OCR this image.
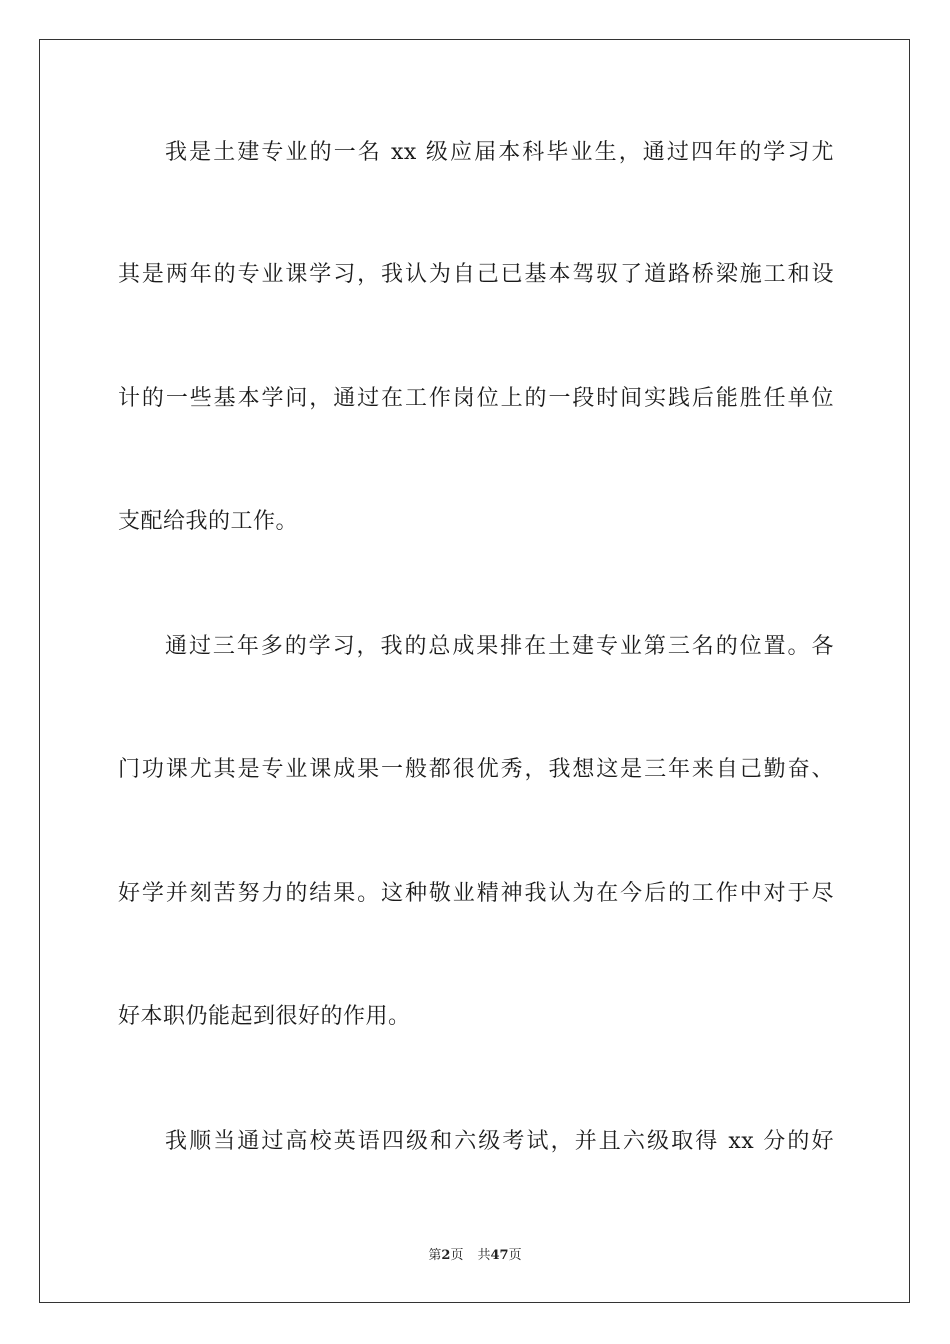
我是土建专业的一名 xx 级应届本科毕业生，通过四年的学习尤
其是两年的专业课学习，我认为自己已基本驾驭了道路桥梁施工和设
计的一些基本学问，通过在工作岗位上的一段时间实践后能胜任单位
支配给我的工作。
通过三年多的学习，我的总成果排在土建专业第三名的位置。各
门功课尤其是专业课成果一般都很优秀，我想这是三年来自己勤奋、
好学并刻苦努力的结果。这种敬业精神我认为在今后的工作中对于尽
好本职仍能起到很好的作用。
我顺当通过高校英语四级和六级考试，并且六级取得 xx 分的好
第2页 共47页
